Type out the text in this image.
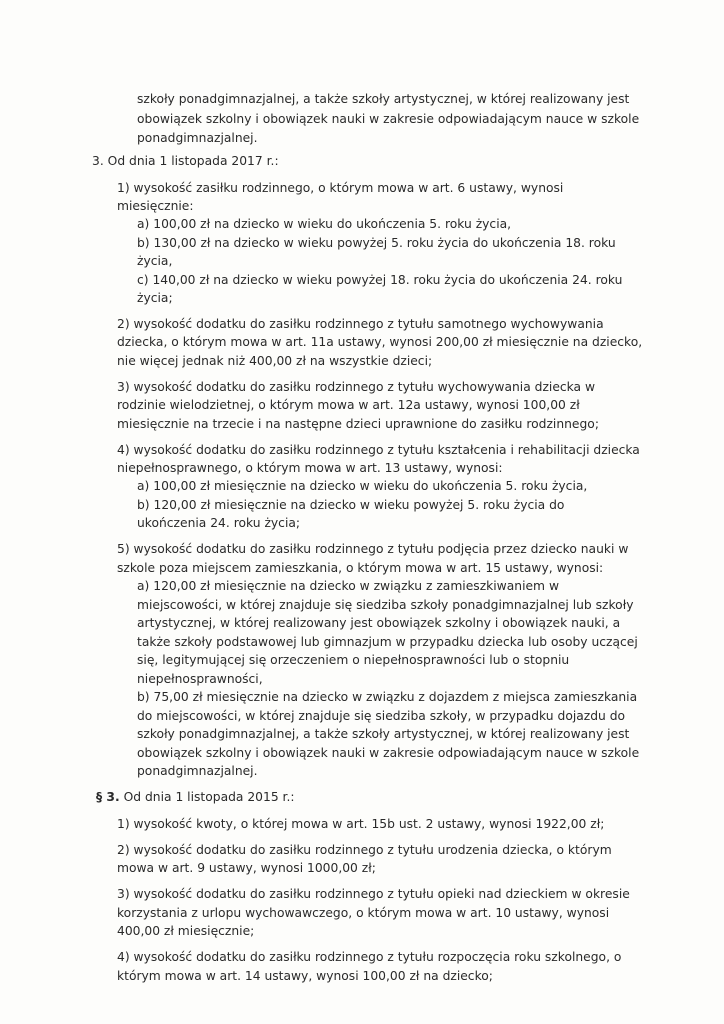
szkoły ponadgimnazjalnej, a także szkoły artystycznej, w której realizowany jest
obowiązek szkolny i obowiązek nauki w zakresie odpowiadającym nauce w szkole
ponadgimnazjalnej.
3. Od dnia 1 listopada 2017 r.:
1) wysokość zasiłku rodzinnego, o którym mowa w art. 6 ustawy, wynosi
miesięcznie:
a) 100,00 zł na dziecko w wieku do ukończenia 5. roku życia,
b) 130,00 zł na dziecko w wieku powyżej 5. roku życia do ukończenia 18. roku
życia,
c) 140,00 zł na dziecko w wieku powyżej 18. roku życia do ukończenia 24. roku
życia;
2) wysokość dodatku do zasiłku rodzinnego z tytułu samotnego wychowywania
dziecka, o którym mowa w art. 11a ustawy, wynosi 200,00 zł miesięcznie na dziecko,
nie więcej jednak niż 400,00 zł na wszystkie dzieci;
3) wysokość dodatku do zasiłku rodzinnego z tytułu wychowywania dziecka w
rodzinie wielodzietnej, o którym mowa w art. 12a ustawy, wynosi 100,00 zł
miesięcznie na trzecie i na następne dzieci uprawnione do zasiłku rodzinnego;
4) wysokość dodatku do zasiłku rodzinnego z tytułu kształcenia i rehabilitacji dziecka
niepełnosprawnego, o którym mowa w art. 13 ustawy, wynosi:
a) 100,00 zł miesięcznie na dziecko w wieku do ukończenia 5. roku życia,
b) 120,00 zł miesięcznie na dziecko w wieku powyżej 5. roku życia do
ukończenia 24. roku życia;
5) wysokość dodatku do zasiłku rodzinnego z tytułu podjęcia przez dziecko nauki w
szkole poza miejscem zamieszkania, o którym mowa w art. 15 ustawy, wynosi:
a) 120,00 zł miesięcznie na dziecko w związku z zamieszkiwaniem w
miejscowości, w której znajduje się siedziba szkoły ponadgimnazjalnej lub szkoły
artystycznej, w której realizowany jest obowiązek szkolny i obowiązek nauki, a
także szkoły podstawowej lub gimnazjum w przypadku dziecka lub osoby uczącej
się, legitymującej się orzeczeniem o niepełnosprawności lub o stopniu
niepełnosprawności,
b) 75,00 zł miesięcznie na dziecko w związku z dojazdem z miejsca zamieszkania
do miejscowości, w której znajduje się siedziba szkoły, w przypadku dojazdu do
szkoły ponadgimnazjalnej, a także szkoły artystycznej, w której realizowany jest
obowiązek szkolny i obowiązek nauki w zakresie odpowiadającym nauce w szkole
ponadgimnazjalnej.
§ 3. Od dnia 1 listopada 2015 r.:
1) wysokość kwoty, o której mowa w art. 15b ust. 2 ustawy, wynosi 1922,00 zł;
2) wysokość dodatku do zasiłku rodzinnego z tytułu urodzenia dziecka, o którym
mowa w art. 9 ustawy, wynosi 1000,00 zł;
3) wysokość dodatku do zasiłku rodzinnego z tytułu opieki nad dzieckiem w okresie
korzystania z urlopu wychowawczego, o którym mowa w art. 10 ustawy, wynosi
400,00 zł miesięcznie;
4) wysokość dodatku do zasiłku rodzinnego z tytułu rozpoczęcia roku szkolnego, o
którym mowa w art. 14 ustawy, wynosi 100,00 zł na dziecko;
